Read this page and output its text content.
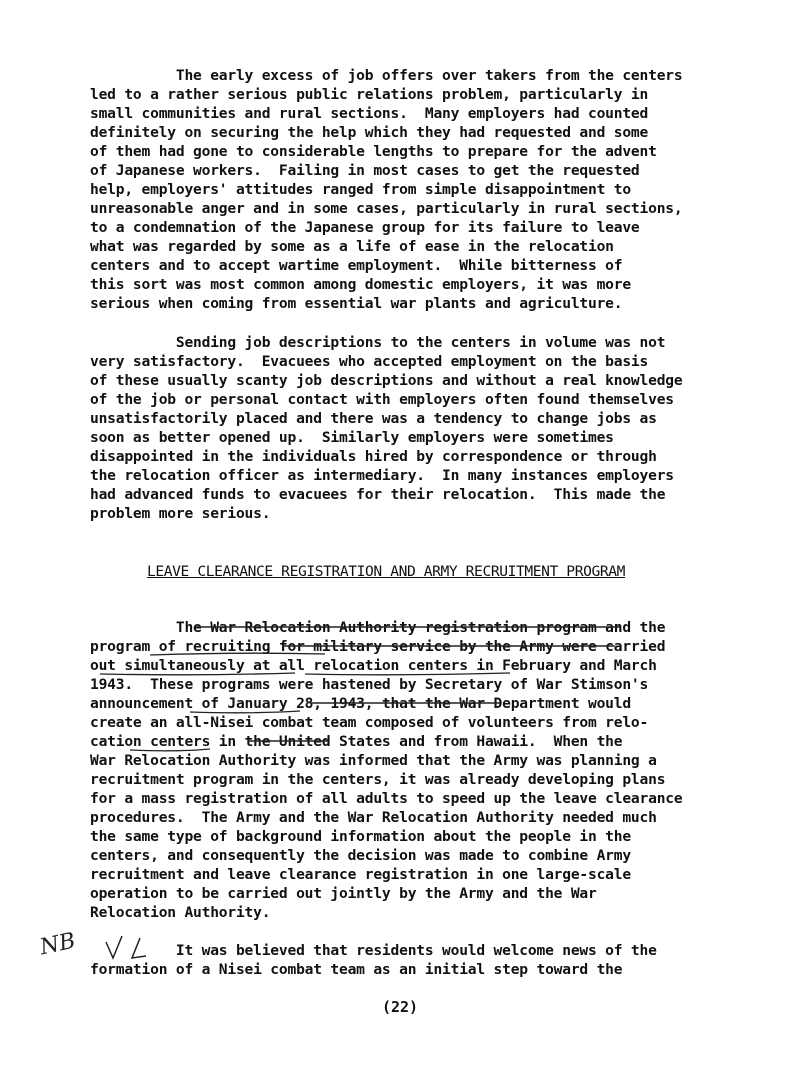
The early excess of job offers over takers from the centers
led to a rather serious public relations problem, particularly in
small communities and rural sections.  Many employers had counted
definitely on securing the help which they had requested and some
of them had gone to considerable lengths to prepare for the advent
of Japanese workers.  Failing in most cases to get the requested
help, employers' attitudes ranged from simple disappointment to
unreasonable anger and in some cases, particularly in rural sections,
to a condemnation of the Japanese group for its failure to leave
what was regarded by some as a life of ease in the relocation
centers and to accept wartime employment.  While bitterness of
this sort was most common among domestic employers, it was more
serious when coming from essential war plants and agriculture.
Sending job descriptions to the centers in volume was not
very satisfactory.  Evacuees who accepted employment on the basis
of these usually scanty job descriptions and without a real knowledge
of the job or personal contact with employers often found themselves
unsatisfactorily placed and there was a tendency to change jobs as
soon as better opened up.  Similarly employers were sometimes
disappointed in the individuals hired by correspondence or through
the relocation officer as intermediary.  In many instances employers
had advanced funds to evacuees for their relocation.  This made the
problem more serious.
LEAVE CLEARANCE REGISTRATION AND ARMY RECRUITMENT PROGRAM
The War Relocation Authority registration program and the
program of recruiting for military service by the Army were carried
out simultaneously at all relocation centers in February and March
1943.  These programs were hastened by Secretary of War Stimson's
announcement of January 28, 1943, that the War Department would
create an all-Nisei combat team composed of volunteers from relo-
cation centers in the United States and from Hawaii.  When the
War Relocation Authority was informed that the Army was planning a
recruitment program in the centers, it was already developing plans
for a mass registration of all adults to speed up the leave clearance
procedures.  The Army and the War Relocation Authority needed much
the same type of background information about the people in the
centers, and consequently the decision was made to combine Army
recruitment and leave clearance registration in one large-scale
operation to be carried out jointly by the Army and the War
Relocation Authority.
It was believed that residents would welcome news of the
formation of a Nisei combat team as an initial step toward the
NB
(22)
